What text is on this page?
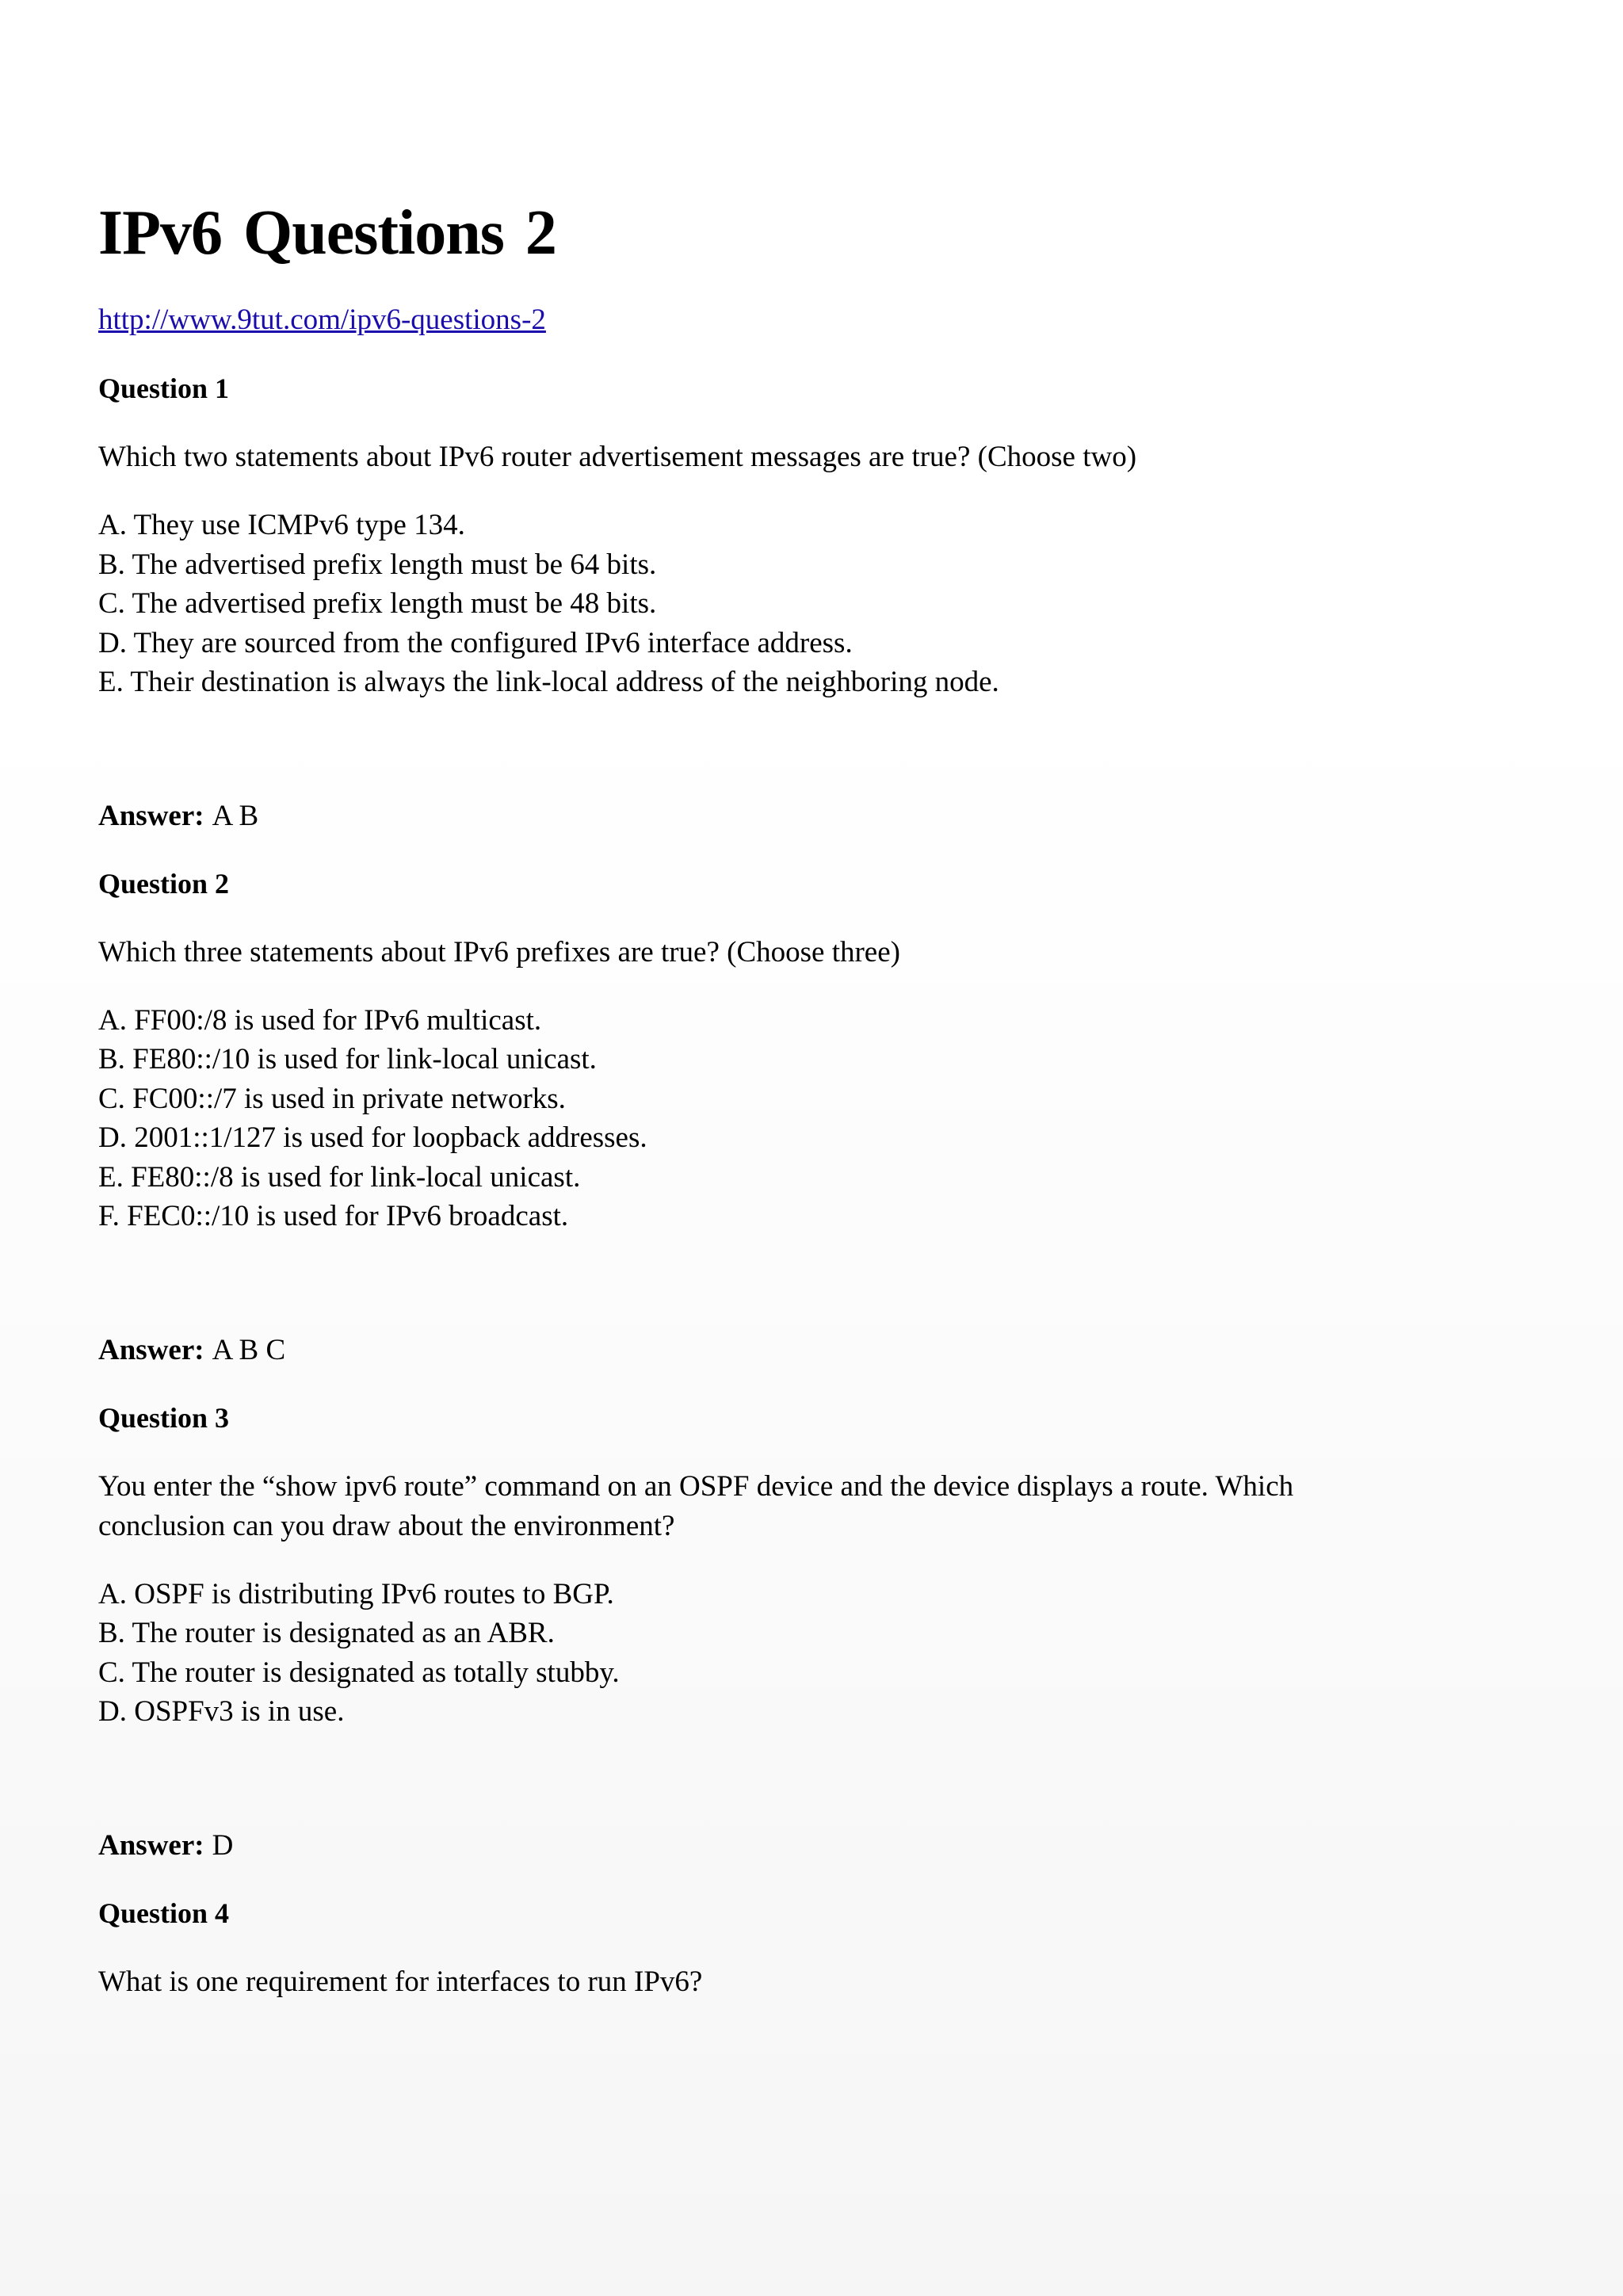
IPv6 Questions 2
http://www.9tut.com/ipv6-questions-2

Question 1

Which two statements about IPv6 router advertisement messages are true? (Choose two)

A. They use ICMPv6 type 134.
B. The advertised prefix length must be 64 bits.
C. The advertised prefix length must be 48 bits.
D. They are sourced from the configured IPv6 interface address.
E. Their destination is always the link-local address of the neighboring node.

Answer: A B

Question 2

Which three statements about IPv6 prefixes are true? (Choose three)

A. FF00:/8 is used for IPv6 multicast.
B. FE80::/10 is used for link-local unicast.
C. FC00::/7 is used in private networks.
D. 2001::1/127 is used for loopback addresses.
E. FE80::/8 is used for link-local unicast.
F. FEC0::/10 is used for IPv6 broadcast.

Answer: A B C

Question 3

You enter the “show ipv6 route” command on an OSPF device and the device displays a route. Which conclusion can you draw about the environment?

A. OSPF is distributing IPv6 routes to BGP.
B. The router is designated as an ABR.
C. The router is designated as totally stubby.
D. OSPFv3 is in use.

Answer: D

Question 4

What is one requirement for interfaces to run IPv6?
